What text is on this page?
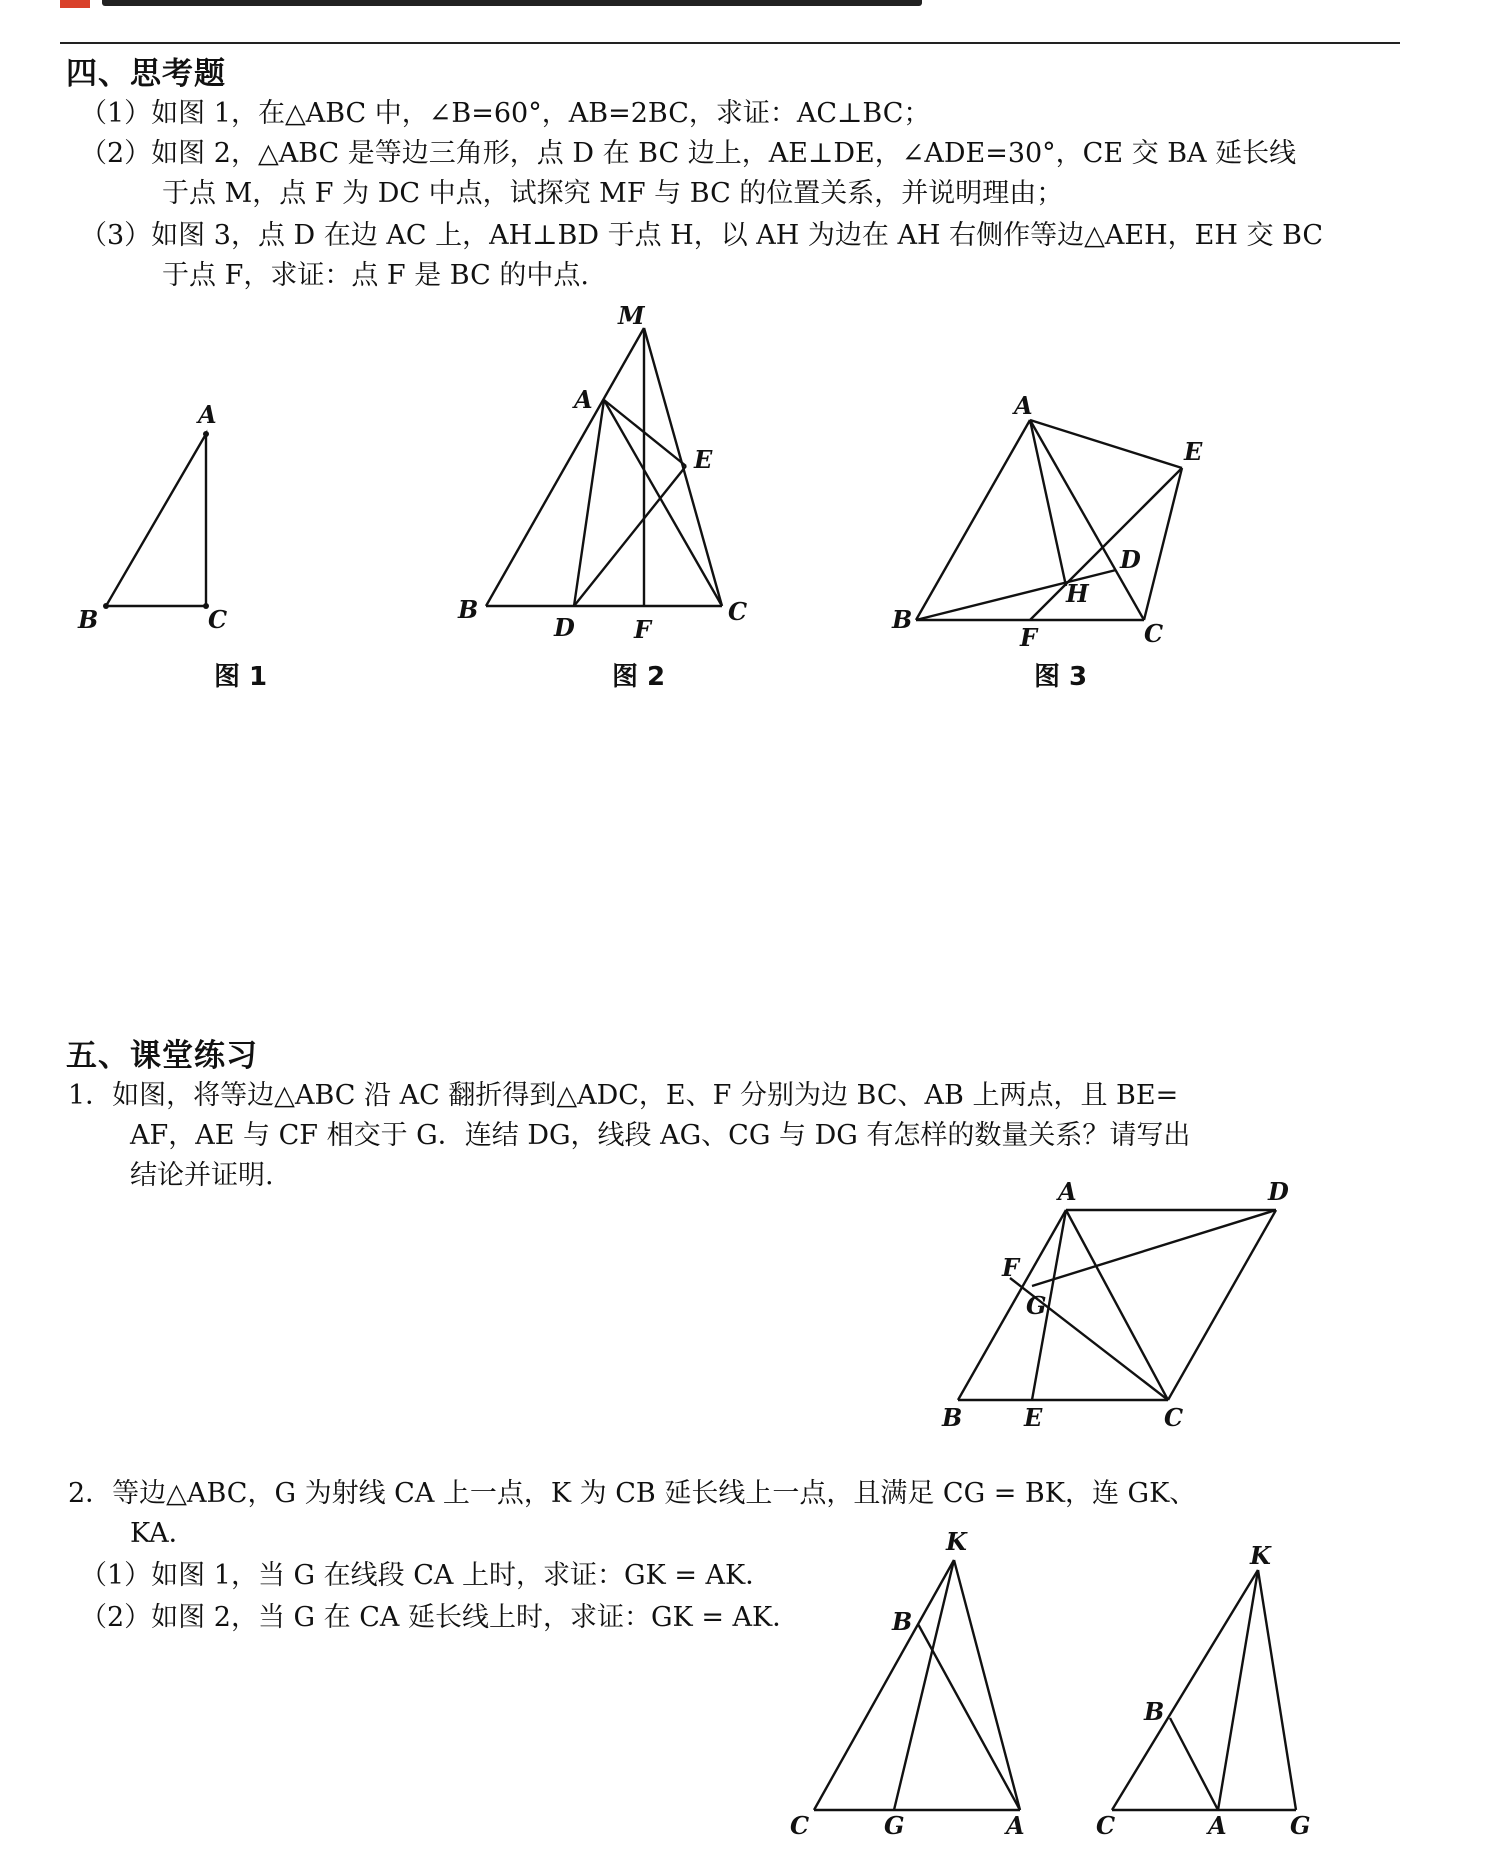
四、思考题
（1）如图 1，在△ABC 中，∠B=60°，AB=2BC，求证：AC⊥BC；
（2）如图 2，△ABC 是等边三角形，点 D 在 BC 边上，AE⊥DE，∠ADE=30°，CE 交 BA 延长线
于点 M，点 F 为 DC 中点，试探究 MF 与 BC 的位置关系，并说明理由；
（3）如图 3，点 D 在边 AC 上，AH⊥BD 于点 H，以 AH 为边在 AH 右侧作等边△AEH，EH 交 BC
于点 F，求证：点 F 是 BC 的中点.
A
B	C
图 1
M
A
E
B
D F
C
图 2
A
E
D
H
B
F	C
图 3
五、课堂练习
1．如图，将等边△ABC 沿 AC 翻折得到△ADC，E、F 分别为边 BC、AB 上两点，且 BE=
AF，AE 与 CF 相交于 G．连结 DG，线段 AG、CG 与 DG 有怎样的数量关系？请写出
结论并证明.
A	D
F
G
B	E	C
2．等边△ABC，G 为射线 CA 上一点，K 为 CB 延长线上一点，且满足 CG = BK，连 GK、
KA．
（1）如图 1，当 G 在线段 CA 上时，求证：GK = AK．
（2）如图 2，当 G 在 CA 延长线上时，求证：GK = AK．
K
B
C	G	A
K
B
C	A	G
